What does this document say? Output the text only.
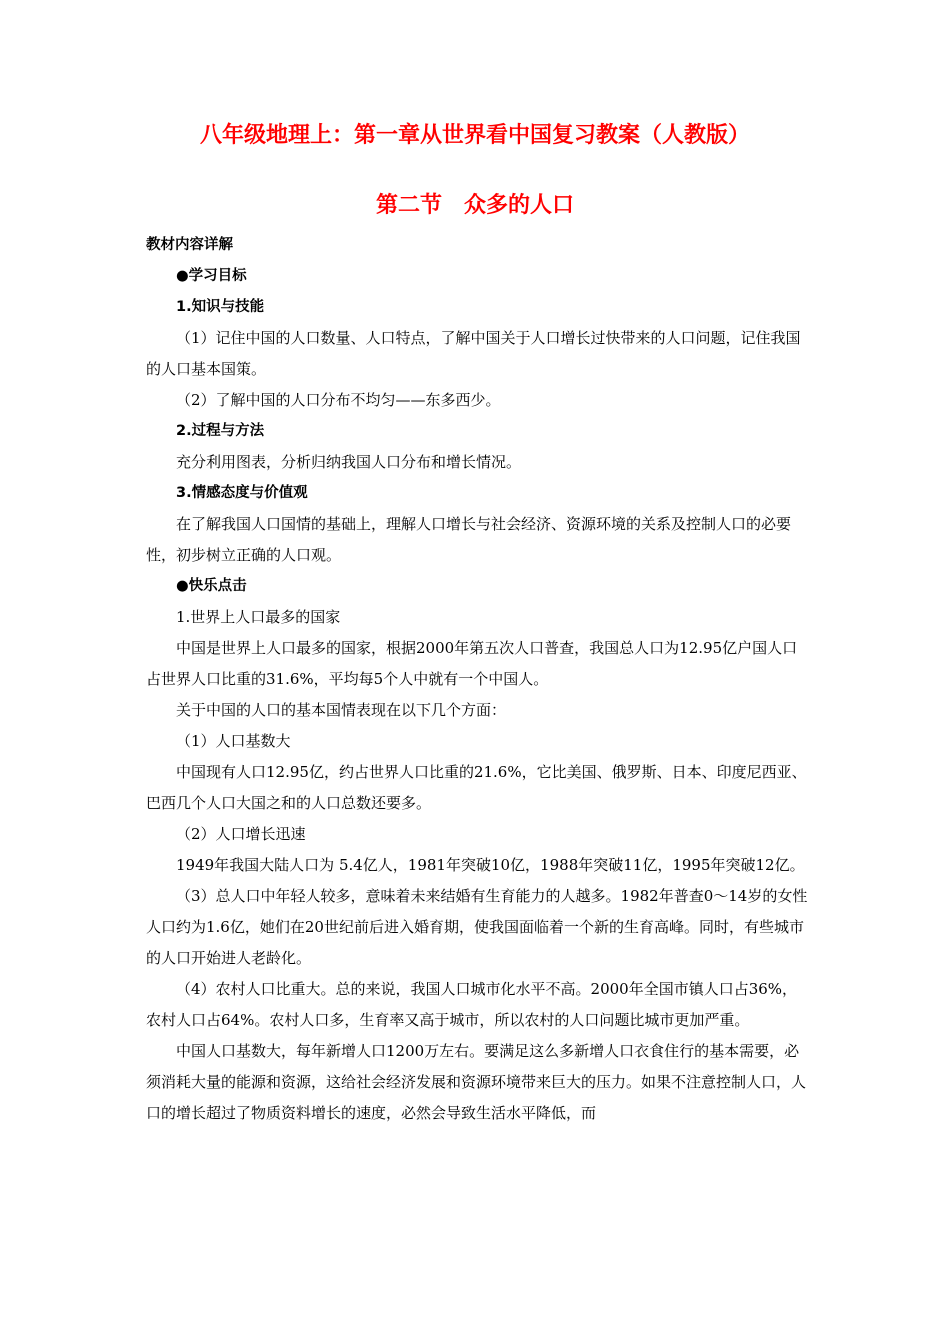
八年级地理上：第一章从世界看中国复习教案（人教版）
第二节　众多的人口

教材内容详解

●学习目标

1.知识与技能

（1）记住中国的人口数量、人口特点，了解中国关于人口增长过快带来的人口问题，记住我国的人口基本国策。

（2）了解中国的人口分布不均匀——东多西少。

2.过程与方法

充分利用图表，分析归纳我国人口分布和增长情况。

3.情感态度与价值观

在了解我国人口国情的基础上，理解人口增长与社会经济、资源环境的关系及控制人口的必要性，初步树立正确的人口观。

●快乐点击

1.世界上人口最多的国家

中国是世界上人口最多的国家，根据2000年第五次人口普查，我国总人口为12.95亿户国人口占世界人口比重的31.6%，平均每5个人中就有一个中国人。

关于中国的人口的基本国情表现在以下几个方面：

（1）人口基数大

中国现有人口12.95亿，约占世界人口比重的21.6%，它比美国、俄罗斯、日本、印度尼西亚、巴西几个人口大国之和的人口总数还要多。

（2）人口增长迅速

1949年我国大陆人口为 5.4亿人，1981年突破10亿，1988年突破11亿，1995年突破12亿。

（3）总人口中年轻人较多，意味着未来结婚有生育能力的人越多。1982年普查0～14岁的女性人口约为1.6亿，她们在20世纪前后进入婚育期，使我国面临着一个新的生育高峰。同时，有些城市的人口开始进人老龄化。

（4）农村人口比重大。总的来说，我国人口城市化水平不高。2000年全国市镇人口占36%，农村人口占64%。农村人口多，生育率又高于城市，所以农村的人口问题比城市更加严重。

中国人口基数大，每年新增人口1200万左右。要满足这么多新增人口衣食住行的基本需要，必须消耗大量的能源和资源，这给社会经济发展和资源环境带来巨大的压力。如果不注意控制人口，人口的增长超过了物质资料增长的速度，必然会导致生活水平降低，而
